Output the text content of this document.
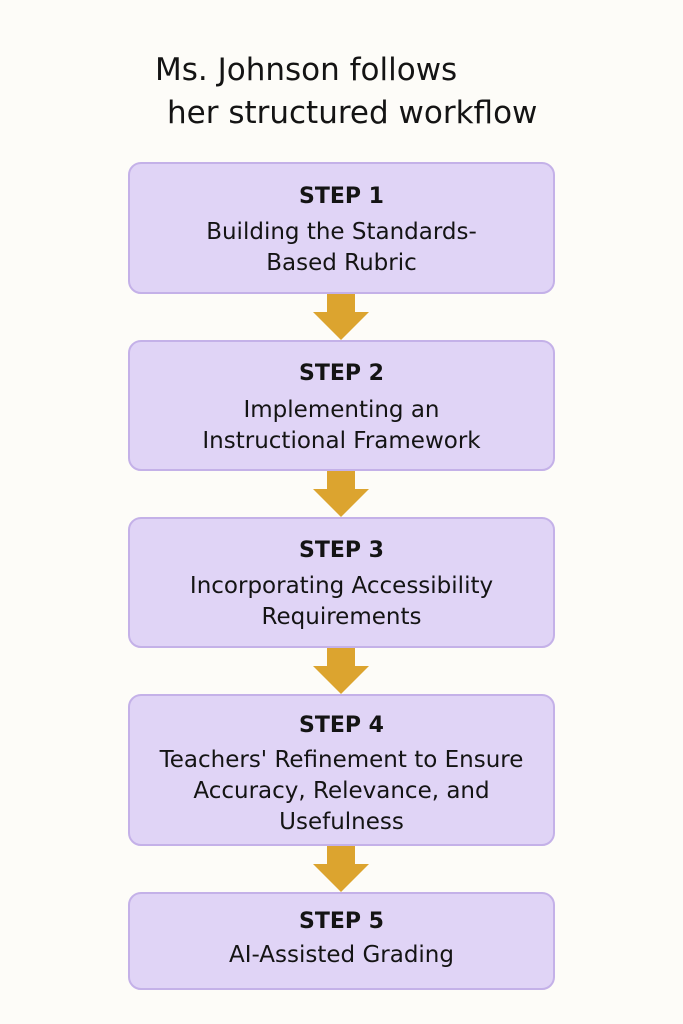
Ms. Johnson follows
her structured workflow
STEP 1
Building the Standards-
Based Rubric
STEP 2
Implementing an
Instructional Framework
STEP 3
Incorporating Accessibility
Requirements
STEP 4
Teachers' Refinement to Ensure
Accuracy, Relevance, and
Usefulness
STEP 5
AI-Assisted Grading
